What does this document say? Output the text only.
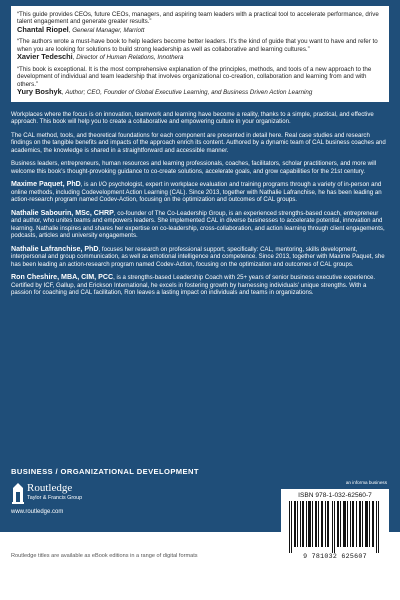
“This guide provides CEOs, future CEOs, managers, and aspiring team leaders with a practical tool to accelerate performance, drive talent engagement and generate greater results.”
Chantal Riopel, General Manager, Marriott
“The authors wrote a must-have book to help leaders become better leaders. It’s the kind of guide that you want to have and refer to when you are looking for solutions to build strong leadership as well as collaborative and learning cultures.”
Xavier Tedeschi, Director of Human Relations, Innothera
“This book is exceptional. It is the most comprehensive explanation of the principles, methods, and tools of a new approach to the development of individual and team leadership that involves organizational co-creation, collaboration and learning from and with others.”
Yury Boshyk, Author; CEO, Founder of Global Executive Learning, and Business Driven Action Learning

Workplaces where the focus is on innovation, teamwork and learning have become a reality, thanks to a simple, practical, and effective approach. This book will help you to create a collaborative and empowering culture in your organization.

The CAL method, tools, and theoretical foundations for each component are presented in detail here. Real case studies and research findings on the tangible benefits and impacts of the approach enrich its content. Authored by a dynamic team of CAL business coaches and academics, the knowledge is shared in a straightforward and accessible manner.

Business leaders, entrepreneurs, human resources and learning professionals, coaches, facilitators, scholar practitioners, and more will welcome this book’s thought-provoking guidance to co-create solutions, accelerate goals, and grow capabilities for the 21st century.

Maxime Paquet, PhD, is an I/O psychologist, expert in workplace evaluation and training programs through a variety of in-person and online methods, including Codevelopment Action Learning (CAL). Since 2013, together with Nathalie Lafranchise, he has been leading an action-research program named Codev-Action, focusing on the optimization and outcomes of CAL groups.

Nathalie Sabourin, MSc, CHRP, co-founder of The Co-Leadership Group, is an experienced strengths-based coach, entrepreneur and author, who unites teams and empowers leaders. She implemented CAL in diverse businesses to accelerate potential, innovation and learning. Nathalie inspires and shares her expertise on co-leadership, cross-collaboration, and action learning through client engagements, podcasts, articles and university engagements.

Nathalie Lafranchise, PhD, focuses her research on professional support, specifically: CAL, mentoring, skills development, interpersonal and group communication, as well as emotional intelligence and competence. Since 2013, together with Maxime Paquet, she has been leading an action-research program named Codev-Action, focusing on the optimization and outcomes of CAL groups.

Ron Cheshire, MBA, CIM, PCC, is a strengths-based Leadership Coach with 25+ years of senior business executive experience. Certified by ICF, Gallup, and Erickson International, he excels in fostering growth by harnessing individuals’ unique strengths. With a passion for coaching and CAL facilitation, Ron leaves a lasting impact on individuals and teams in organizations.

BUSINESS / ORGANIZATIONAL DEVELOPMENT
Routledge
Taylor & Francis Group
www.routledge.com
an informa business
ISBN 978-1-032-62560-7
9 781032 625607
Routledge titles are available as eBook editions in a range of digital formats
